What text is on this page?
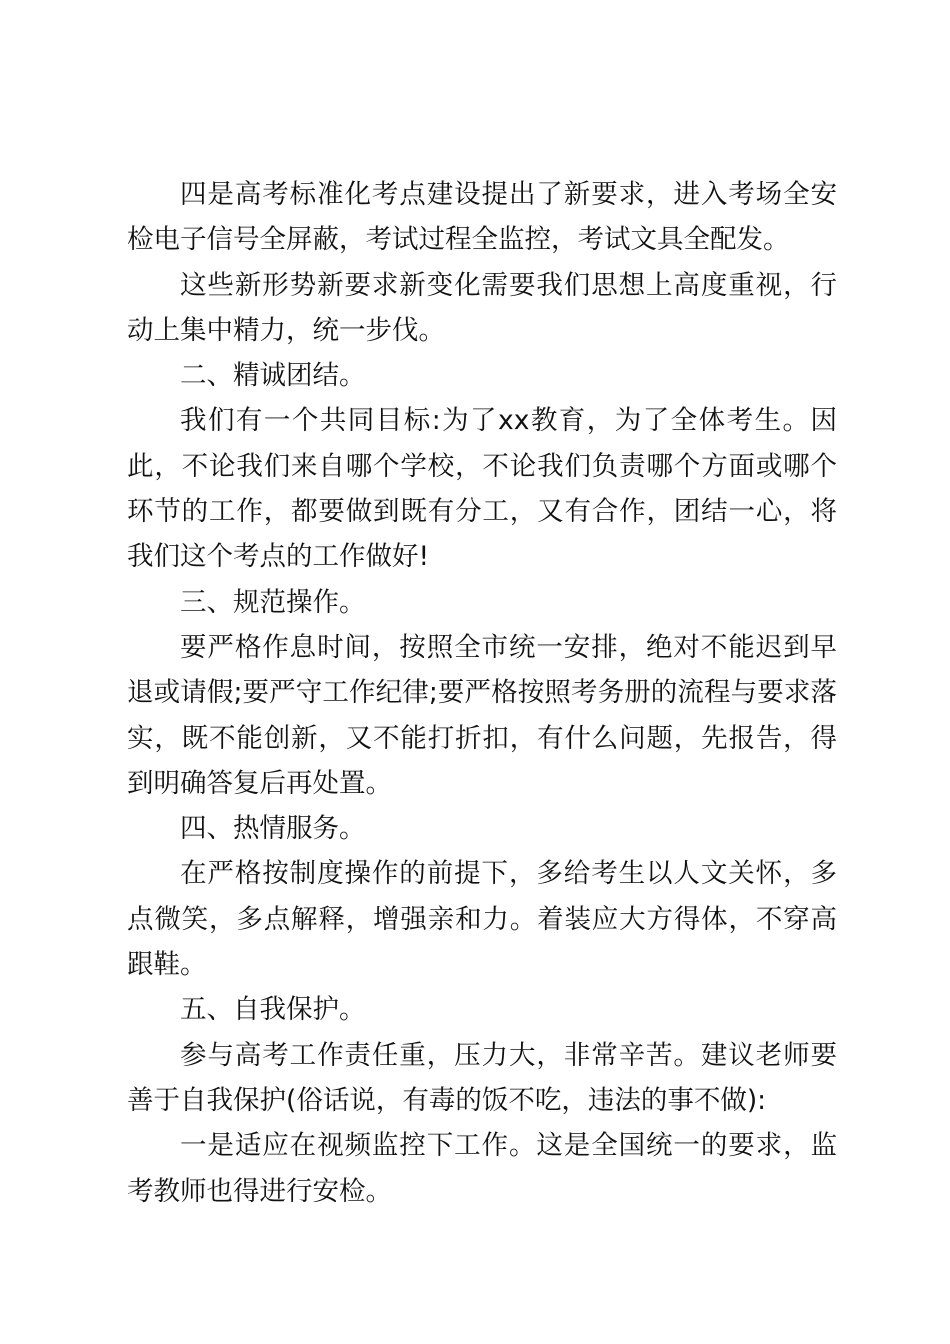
四是高考标准化考点建设提出了新要求，进入考场全安检电子信号全屏蔽，考试过程全监控，考试文具全配发。

这些新形势新要求新变化需要我们思想上高度重视，行动上集中精力，统一步伐。

二、精诚团结。

我们有一个共同目标:为了xx教育，为了全体考生。因此，不论我们来自哪个学校，不论我们负责哪个方面或哪个环节的工作，都要做到既有分工，又有合作，团结一心，将我们这个考点的工作做好!

三、规范操作。

要严格作息时间，按照全市统一安排，绝对不能迟到早退或请假;要严守工作纪律;要严格按照考务册的流程与要求落实，既不能创新，又不能打折扣，有什么问题，先报告，得到明确答复后再处置。

四、热情服务。

在严格按制度操作的前提下，多给考生以人文关怀，多点微笑，多点解释，增强亲和力。着装应大方得体，不穿高跟鞋。

五、自我保护。

参与高考工作责任重，压力大，非常辛苦。建议老师要善于自我保护(俗话说，有毒的饭不吃，违法的事不做):

一是适应在视频监控下工作。这是全国统一的要求，监考教师也得进行安检。
